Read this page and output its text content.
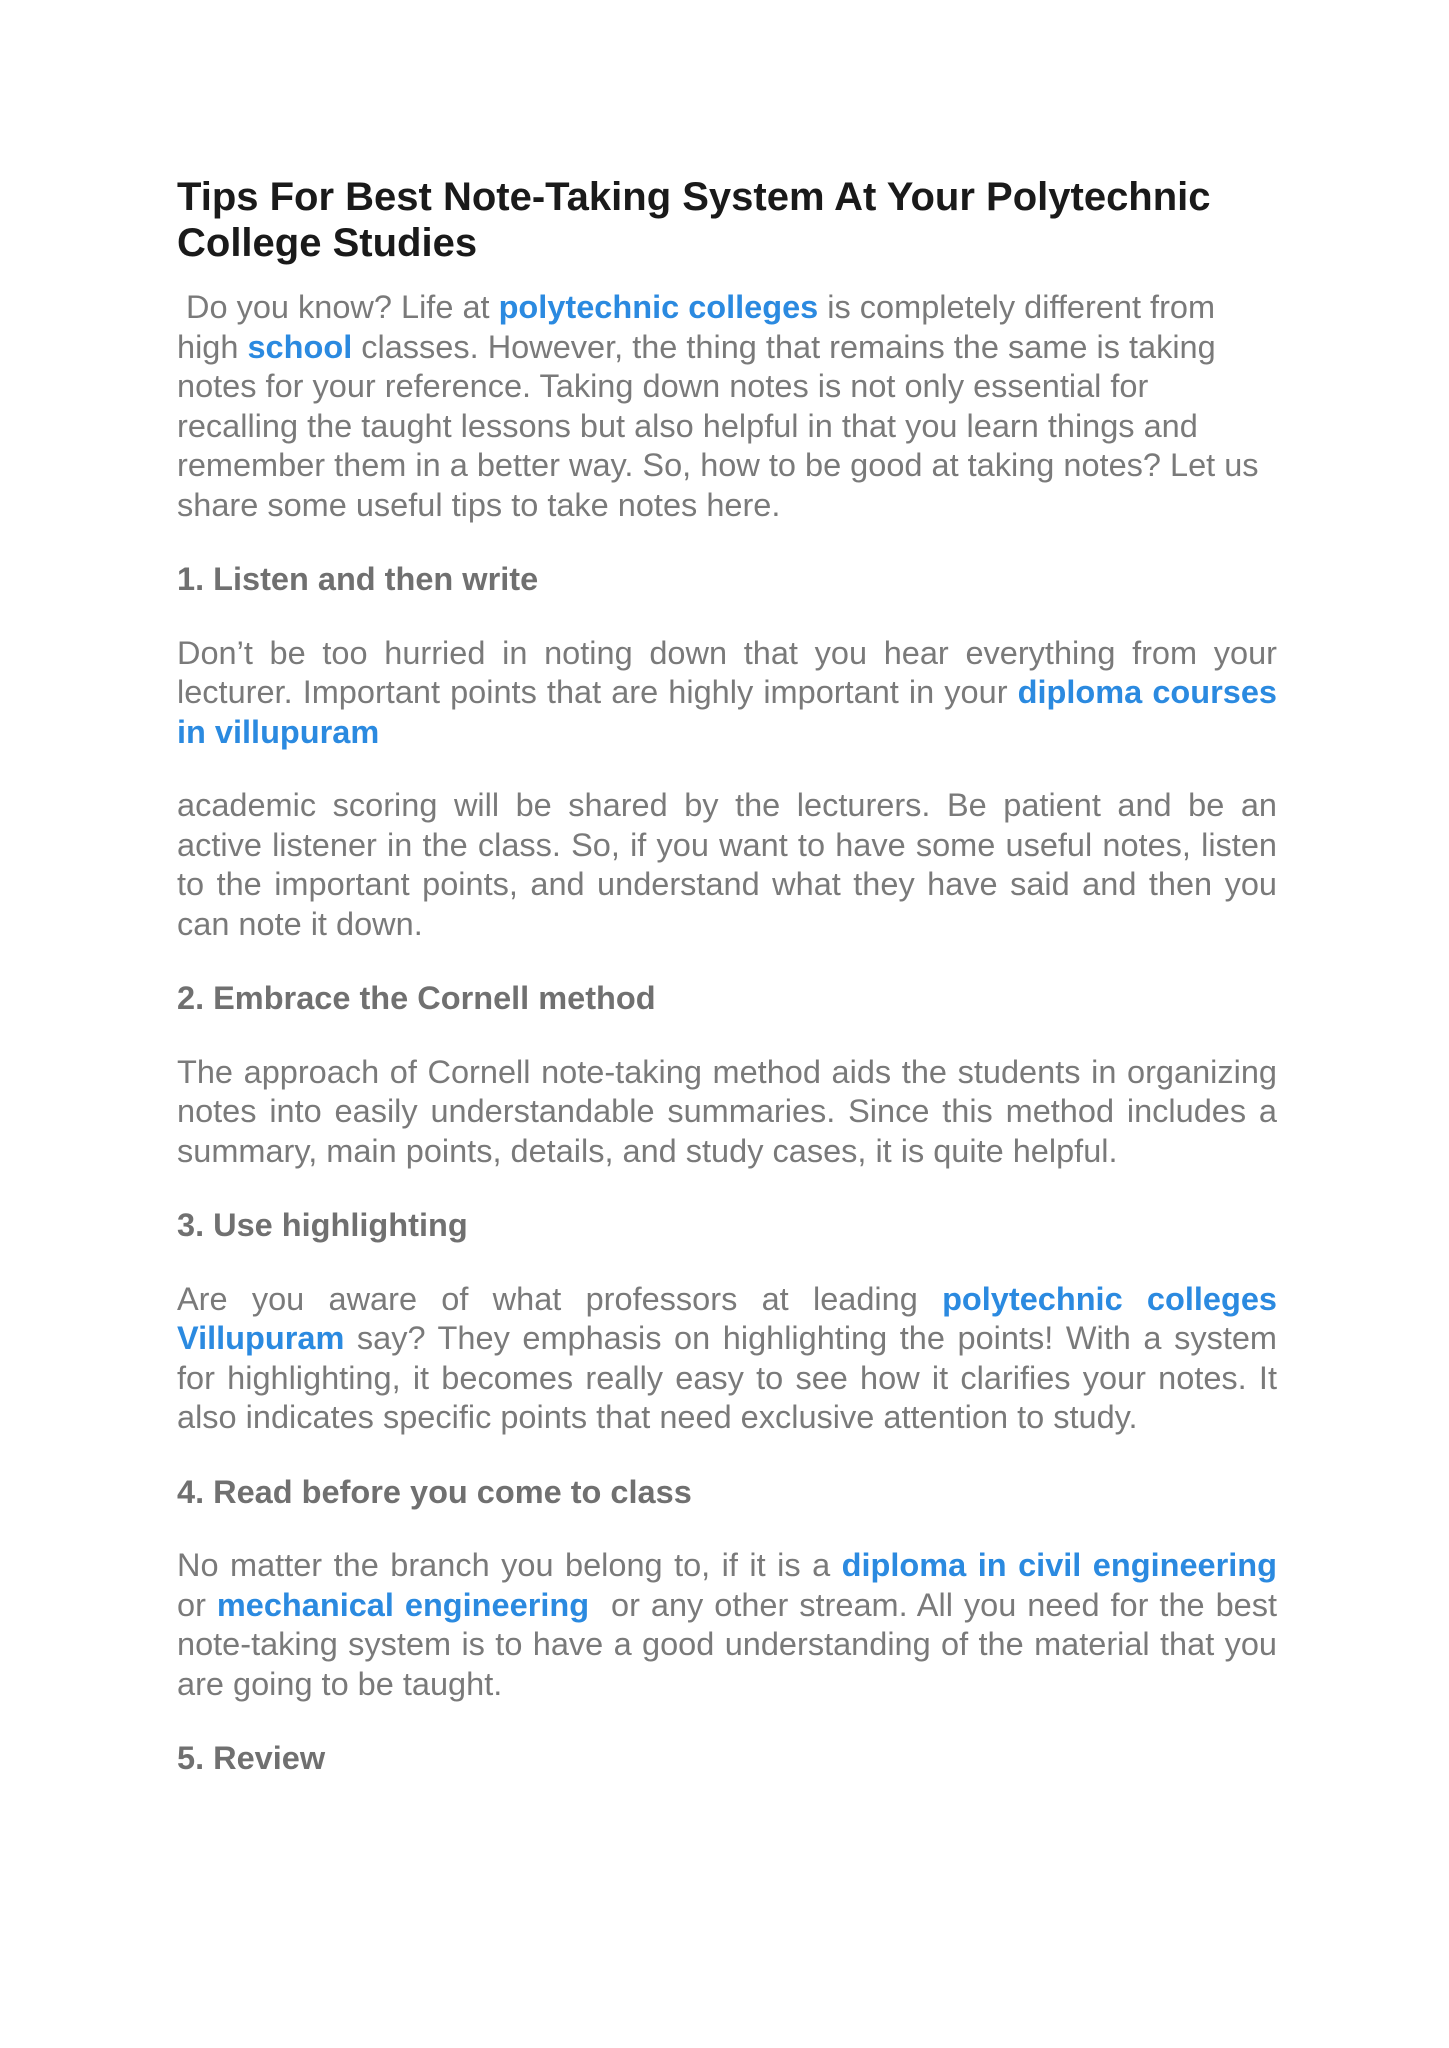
Tips For Best Note-Taking System At Your Polytechnic College Studies

Do you know? Life at polytechnic colleges is completely different from high school classes. However, the thing that remains the same is taking notes for your reference. Taking down notes is not only essential for recalling the taught lessons but also helpful in that you learn things and remember them in a better way. So, how to be good at taking notes? Let us share some useful tips to take notes here.

1. Listen and then write

Don’t be too hurried in noting down that you hear everything from your lecturer. Important points that are highly important in your diploma courses in villupuram

academic scoring will be shared by the lecturers. Be patient and be an active listener in the class. So, if you want to have some useful notes, listen to the important points, and understand what they have said and then you can note it down.

2. Embrace the Cornell method

The approach of Cornell note-taking method aids the students in organizing notes into easily understandable summaries. Since this method includes a summary, main points, details, and study cases, it is quite helpful.

3. Use highlighting

Are you aware of what professors at leading polytechnic colleges Villupuram say? They emphasis on highlighting the points! With a system for highlighting, it becomes really easy to see how it clarifies your notes. It also indicates specific points that need exclusive attention to study.

4. Read before you come to class

No matter the branch you belong to, if it is a diploma in civil engineering or mechanical engineering  or any other stream. All you need for the best note-taking system is to have a good understanding of the material that you are going to be taught.

5. Review
